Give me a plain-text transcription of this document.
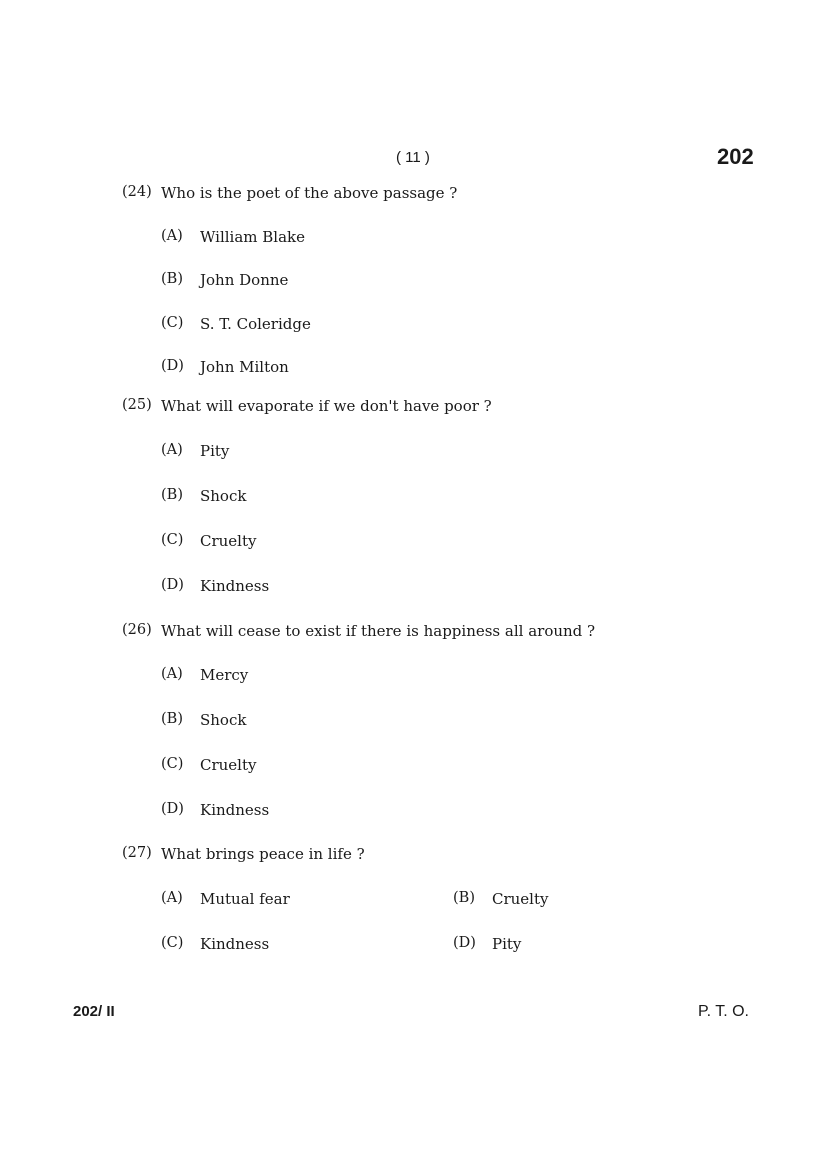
( 11 )	202
(24) Who is the poet of the above passage ?
(A) William Blake
(B) John Donne
(C) S. T. Coleridge
(D) John Milton
(25) What will evaporate if we don't have poor ?
(A) Pity
(B) Shock
(C) Cruelty
(D) Kindness
(26) What will cease to exist if there is happiness all around ?
(A) Mercy
(B) Shock
(C) Cruelty
(D) Kindness
(27) What brings peace in life ?
(A) Mutual fear	(B) Cruelty
(C) Kindness	(D) Pity
202/ II	P. T. O.
